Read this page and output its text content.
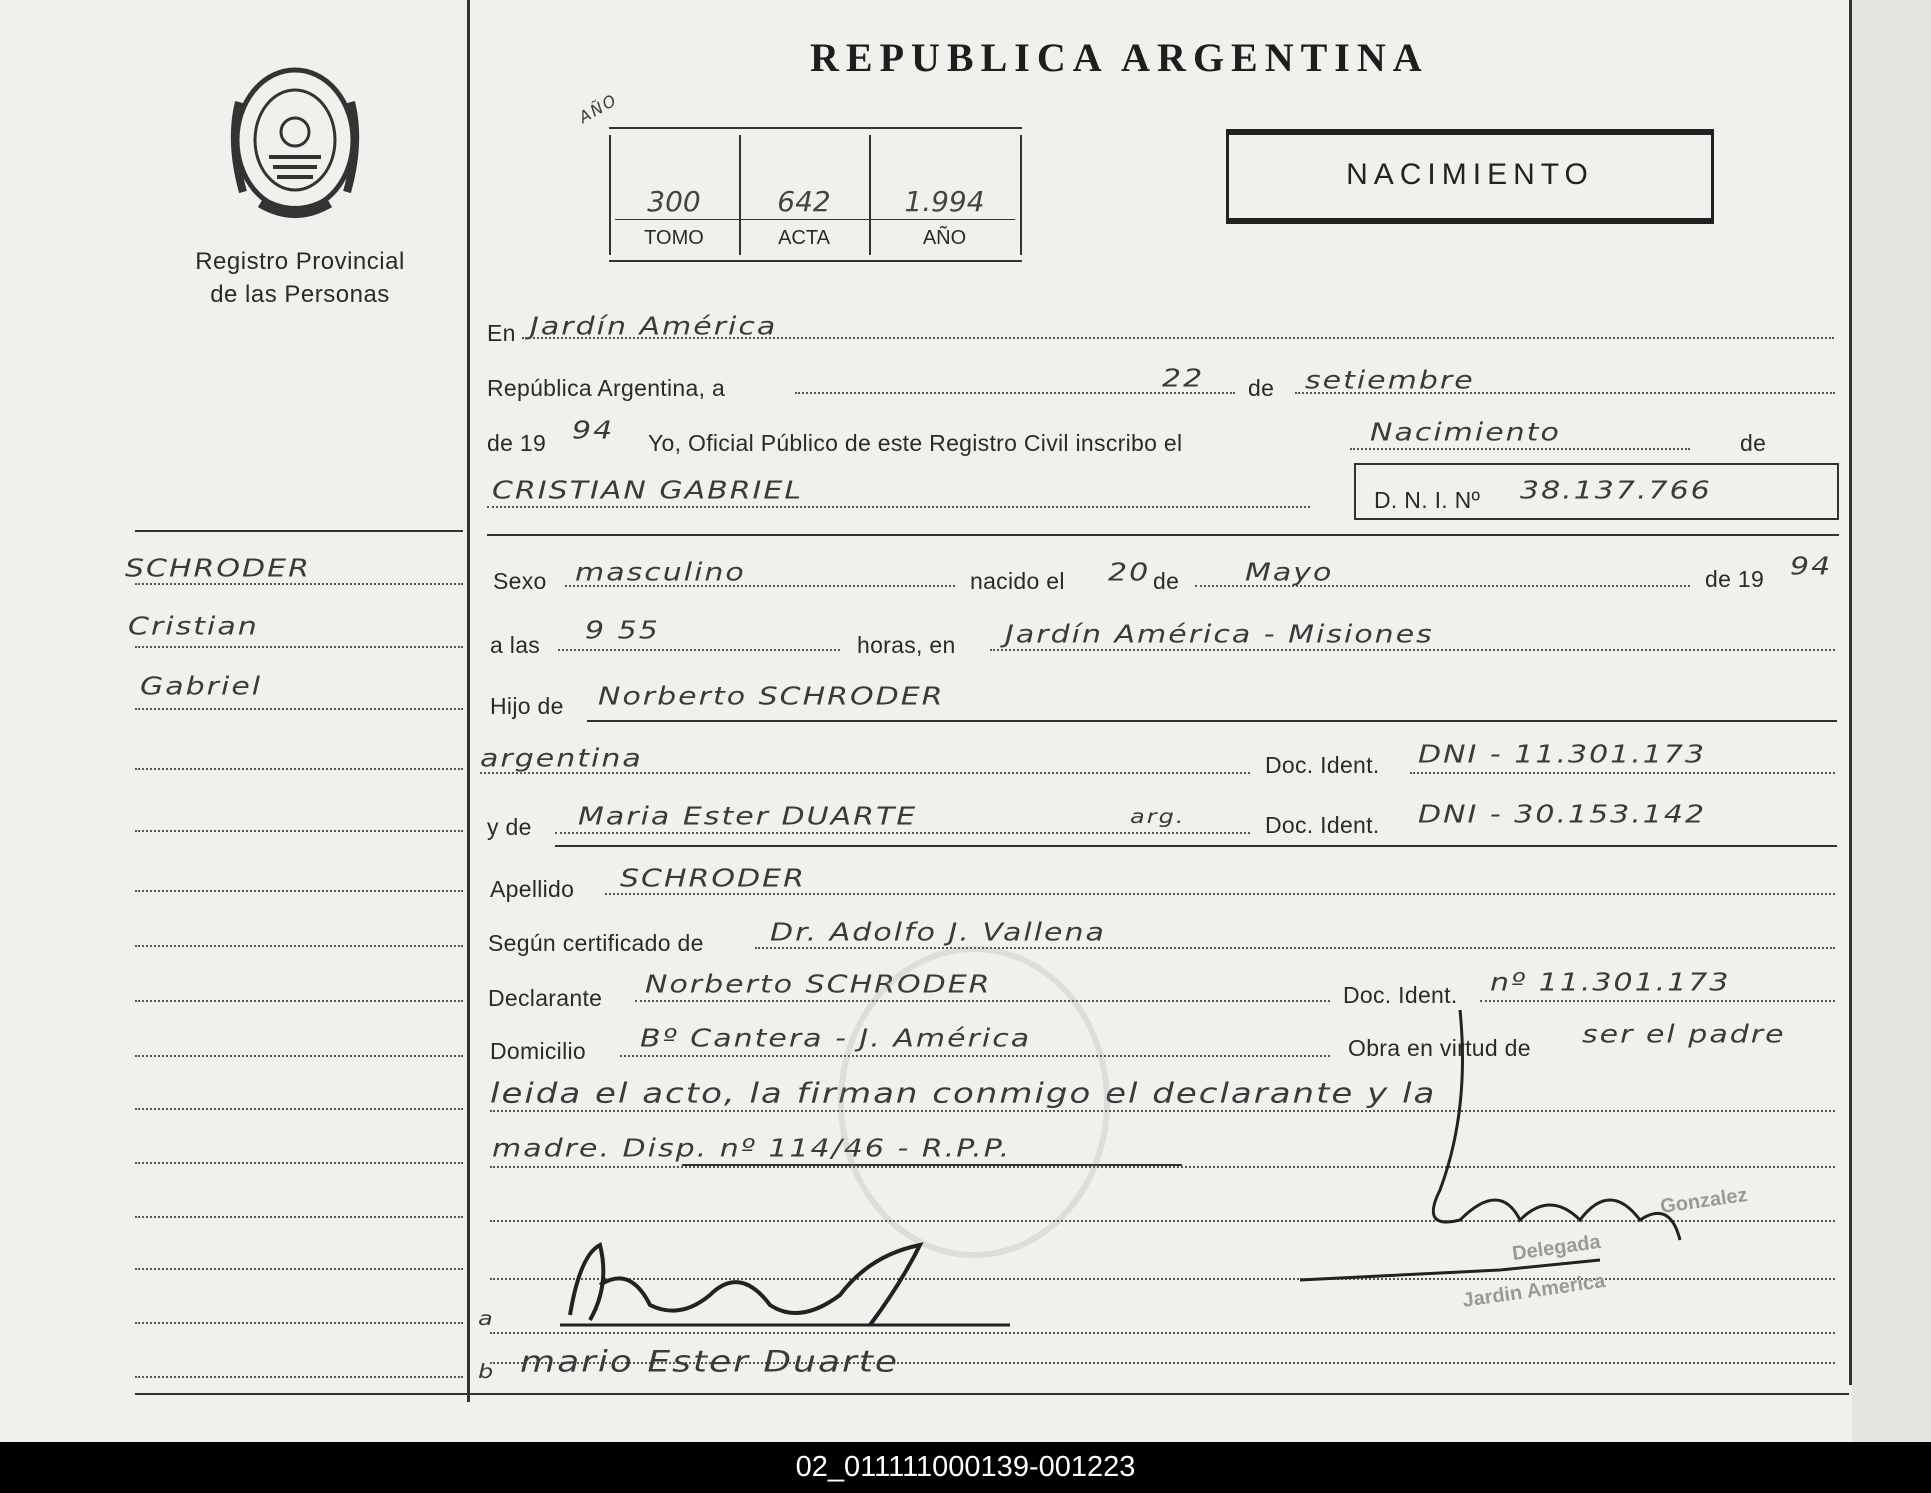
Registro Provincial
de las Personas
REPUBLICA ARGENTINA
AÑO
300	642	1.994
TOMO	ACTA	AÑO
NACIMIENTO
En Jardín América
República Argentina, a	22 de setiembre
de 19 94 Yo, Oficial Público de este Registro Civil inscribo el	Nacimiento	de
CRISTIAN GABRIEL	D. N. I. Nº 38.137.766
SCHRODER
Cristian
Gabriel
Sexo masculino	nacido el 20 de Mayo	de 19 94
a las 9 55	horas, en Jardín América - Misiones
Hijo de Norberto SCHRODER
argentina	Doc. Ident. DNI - 11.301.173
y de Maria Ester DUARTE	arg.	Doc. Ident. DNI - 30.153.142
Apellido SCHRODER
Según certificado de Dr. Adolfo J. Vallena
Declarante Norberto SCHRODER	Doc. Ident. nº 11.301.173
Domicilio Bº Cantera - J. América	Obra en virtud de ser el padre
leida el acto, la firman conmigo el declarante y la
madre. Disp. nº 114/46 - R.P.P.
a
b mario Ester Duarte
Gonzalez
Delegada
Jardin America
02_011111000139-001223
